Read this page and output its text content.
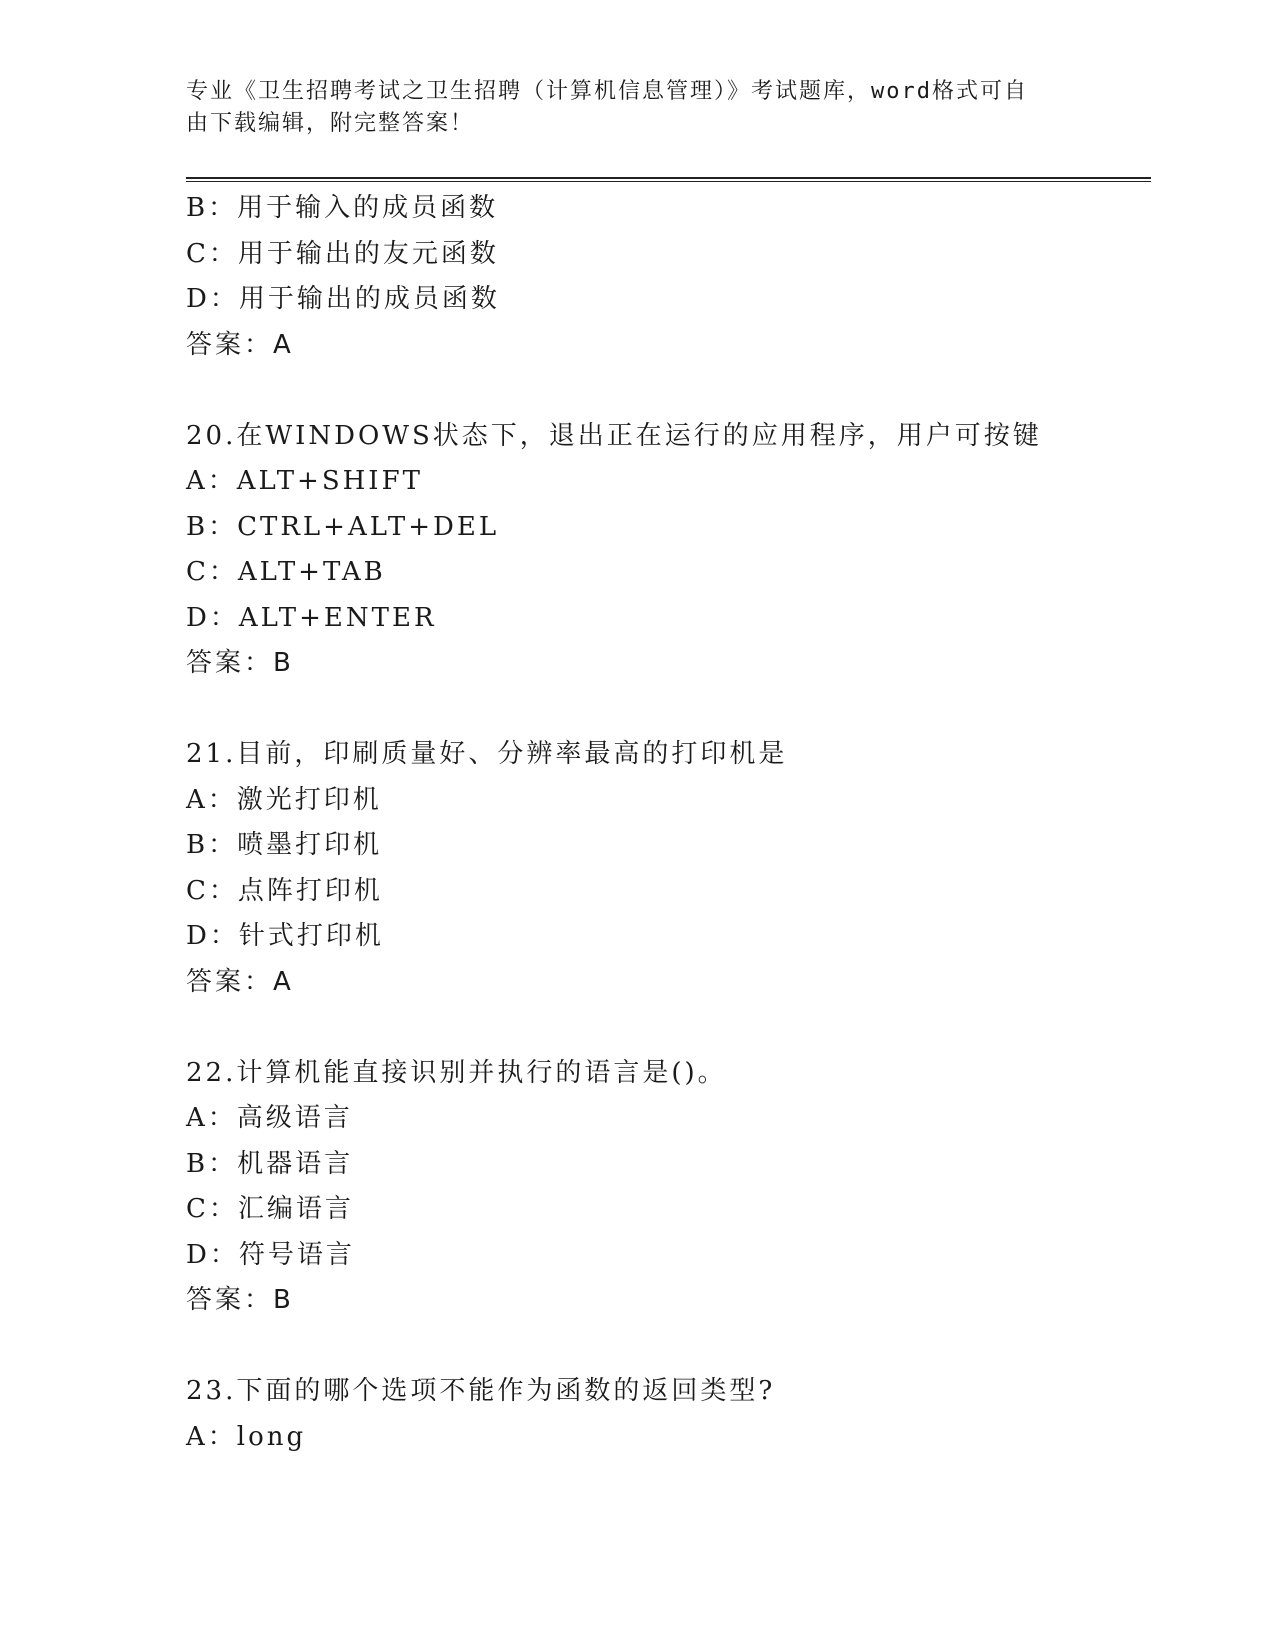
专业《卫生招聘考试之卫生招聘（计算机信息管理）》考试题库，word格式可自
由下载编辑，附完整答案！
B：用于输入的成员函数
C：用于输出的友元函数
D：用于输出的成员函数
答案：A
20.在WINDOWS状态下，退出正在运行的应用程序，用户可按键
A：ALT+SHIFT
B：CTRL+ALT+DEL
C：ALT+TAB
D：ALT+ENTER
答案：B
21.目前，印刷质量好、分辨率最高的打印机是
A：激光打印机
B：喷墨打印机
C：点阵打印机
D：针式打印机
答案：A
22.计算机能直接识别并执行的语言是()。
A：高级语言
B：机器语言
C：汇编语言
D：符号语言
答案：B
23.下面的哪个选项不能作为函数的返回类型?
A：long
